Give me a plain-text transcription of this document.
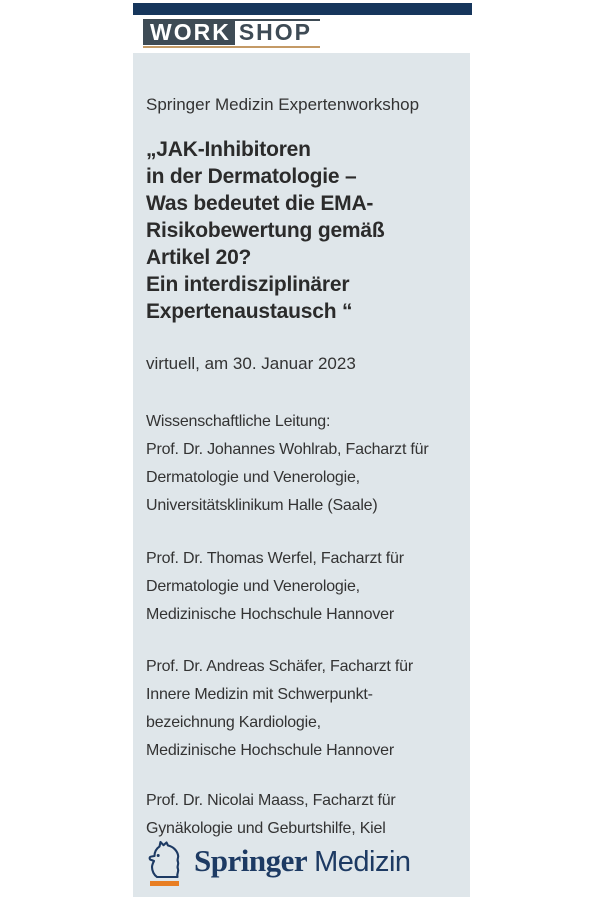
WORK SHOP
Springer Medizin Expertenworkshop
„JAK-Inhibitoren
in der Dermatologie –
Was bedeutet die EMA-
Risikobewertung gemäß
Artikel 20?
Ein interdisziplinärer
Expertenaustausch “
virtuell, am 30. Januar 2023
Wissenschaftliche Leitung:
Prof. Dr. Johannes Wohlrab, Facharzt für
Dermatologie und Venerologie,
Universitätsklinikum Halle (Saale)
Prof. Dr. Thomas Werfel, Facharzt für
Dermatologie und Venerologie,
Medizinische Hochschule Hannover
Prof. Dr. Andreas Schäfer, Facharzt für
Innere Medizin mit Schwerpunkt-
bezeichnung Kardiologie,
Medizinische Hochschule Hannover
Prof. Dr. Nicolai Maass, Facharzt für
Gynäkologie und Geburtshilfe, Kiel
Springer Medizin
